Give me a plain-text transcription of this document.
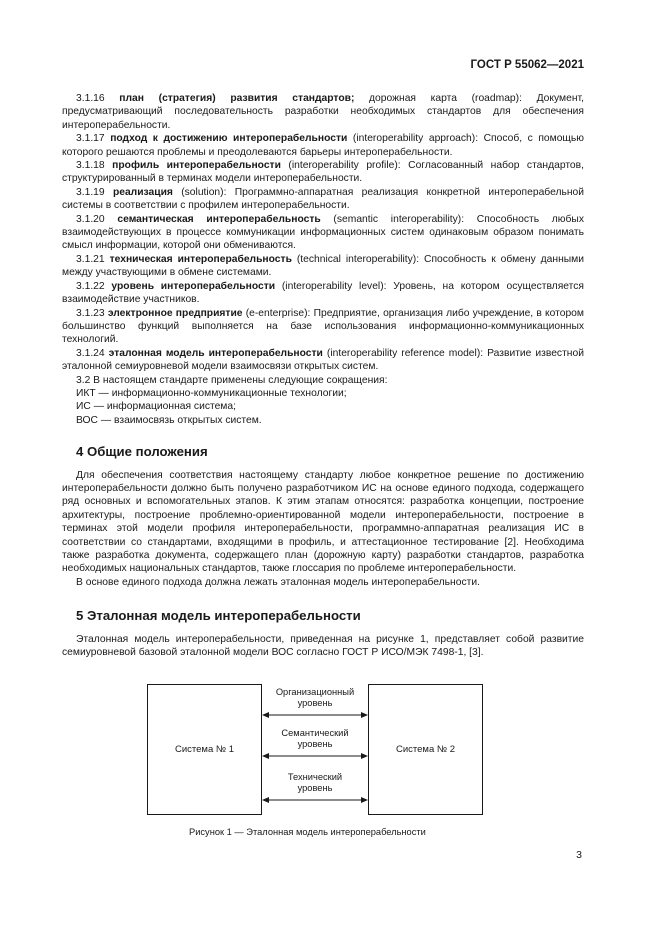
ГОСТ Р 55062—2021

3.1.16 план (стратегия) развития стандартов; дорожная карта (roadmap): Документ, предусматривающий последовательность разработки необходимых стандартов для обеспечения интероперабельности.

3.1.17 подход к достижению интероперабельности (interoperability approach): Способ, с помощью которого решаются проблемы и преодолеваются барьеры интероперабельности.

3.1.18 профиль интероперабельности (interoperability profile): Согласованный набор стандартов, структурированный в терминах модели интероперабельности.

3.1.19 реализация (solution): Программно-аппаратная реализация конкретной интероперабельной системы в соответствии с профилем интероперабельности.

3.1.20 семантическая интероперабельность (semantic interoperability): Способность любых взаимодействующих в процессе коммуникации информационных систем одинаковым образом понимать смысл информации, которой они обмениваются.

3.1.21 техническая интероперабельность (technical interoperability): Способность к обмену данными между участвующими в обмене системами.

3.1.22 уровень интероперабельности (interoperability level): Уровень, на котором осуществляется взаимодействие участников.

3.1.23 электронное предприятие (e-enterprise): Предприятие, организация либо учреждение, в котором большинство функций выполняется на базе использования информационно-коммуникационных технологий.

3.1.24 эталонная модель интероперабельности (interoperability reference model): Развитие известной эталонной семиуровневой модели взаимосвязи открытых систем.

3.2 В настоящем стандарте применены следующие сокращения:

ИКТ — информационно-коммуникационные технологии;

ИС — информационная система;

ВОС — взаимосвязь открытых систем.

4 Общие положения

Для обеспечения соответствия настоящему стандарту любое конкретное решение по достижению интероперабельности должно быть получено разработчиком ИС на основе единого подхода, содержащего ряд основных и вспомогательных этапов. К этим этапам относятся: разработка концепции, построение архитектуры, построение проблемно-ориентированной модели интероперабельности, построение в терминах этой модели профиля интероперабельности, программно-аппаратная реализация ИС в соответствии со стандартами, входящими в профиль, и аттестационное тестирование [2]. Необходима также разработка документа, содержащего план (дорожную карту) разработки стандартов, разработка необходимых национальных стандартов, также глоссария по проблеме интероперабельности.

В основе единого подхода должна лежать эталонная модель интероперабельности.

5 Эталонная модель интероперабельности

Эталонная модель интероперабельности, приведенная на рисунке 1, представляет собой развитие семиуровневой базовой эталонной модели ВОС согласно ГОСТ Р ИСО/МЭК 7498-1, [3].

Система № 1	Система № 2
Организационный
уровень
Семантический
уровень
Технический
уровень
Рисунок 1 — Эталонная модель интероперабельности
3
